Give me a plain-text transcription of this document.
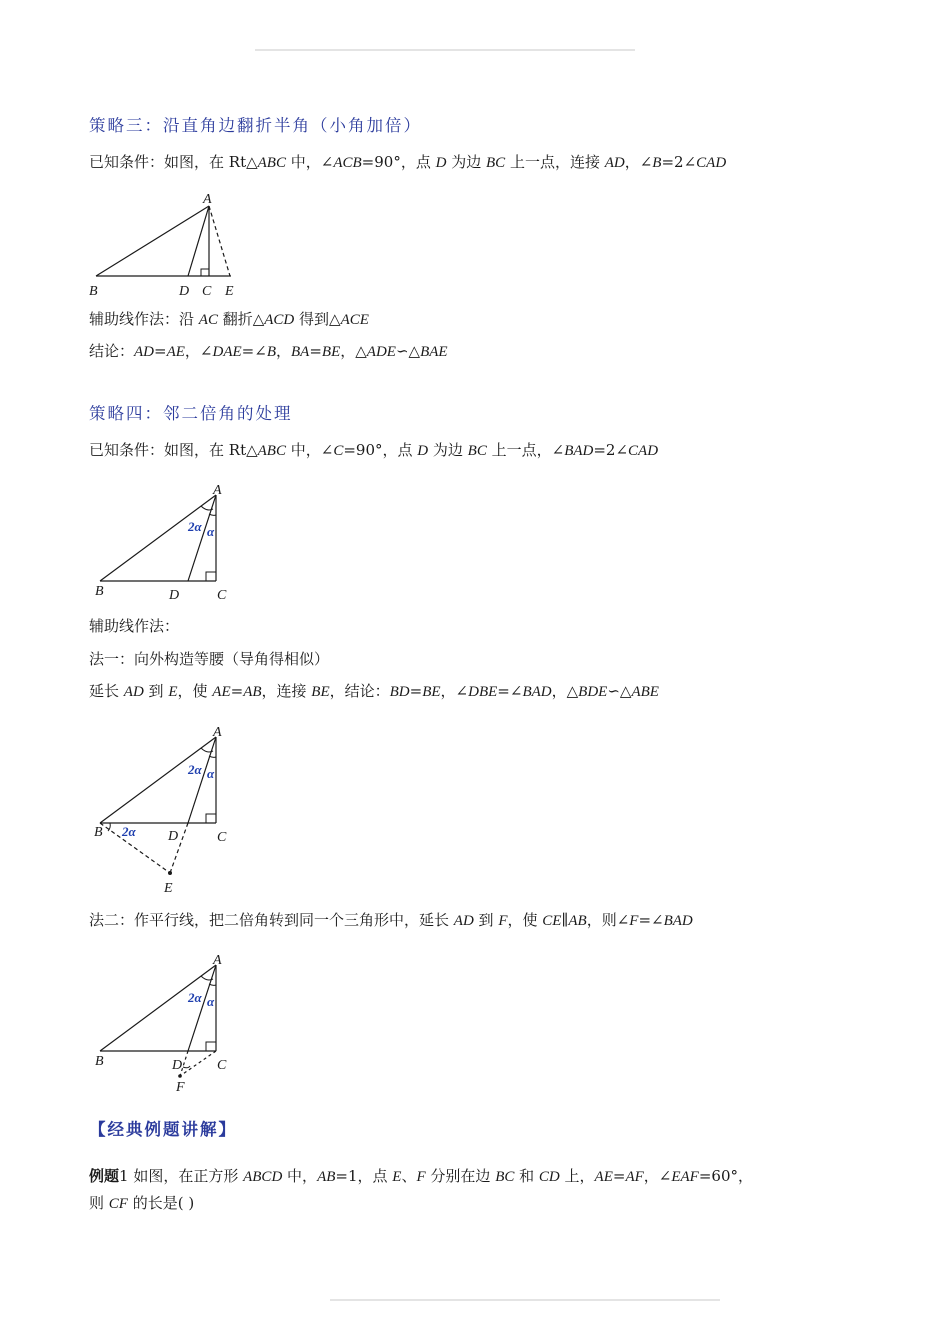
策略三：沿直角边翻折半角（小角加倍）
已知条件：如图，在 Rt△ABC 中，∠ACB=90°，点 D 为边 BC 上一点，连接 AD，∠B=2∠CAD
A
B	D C E
辅助线作法：沿 AC 翻折△ACD 得到△ACE
结论：AD=AE，∠DAE=∠B，BA=BE，△ADE∽△BAE
策略四：邻二倍角的处理
已知条件：如图，在 Rt△ABC 中，∠C=90°，点 D 为边 BC 上一点，∠BAD=2∠CAD
2α α
A
B	D	C
辅助线作法：
法一：向外构造等腰（导角得相似）
延长 AD 到 E，使 AE=AB，连接 BE，结论：BD=BE，∠DBE=∠BAD，△BDE∽△ABE
2α α
2α
A
B	D	C
E
法二：作平行线，把二倍角转到同一个三角形中，延长 AD 到 F，使 CE∥AB，则∠F=∠BAD
2α α
A
B	D C
F
【经典例题讲解】
例题1 如图，在正方形 ABCD 中，AB=1，点 E、F 分别在边 BC 和 CD 上，AE=AF，∠EAF=60°，
则 CF 的长是( )
